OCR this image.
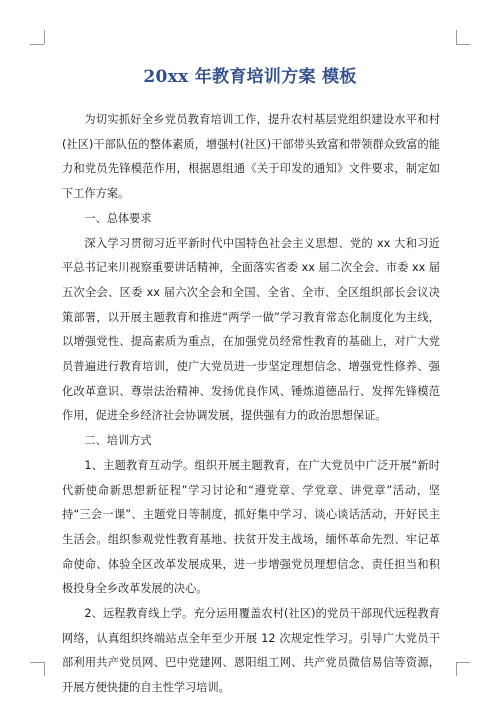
20xx 年教育培训方案 模板

为切实抓好全乡党员教育培训工作，提升农村基层党组织建设水平和村(社区)干部队伍的整体素质，增强村(社区)干部带头致富和带领群众致富的能力和党员先锋模范作用，根据恩组通《关于印发的通知》文件要求，制定如下工作方案。

一、总体要求

深入学习贯彻习近平新时代中国特色社会主义思想、党的 xx 大和习近平总书记来川视察重要讲话精神，全面落实省委 xx 届二次全会、市委 xx 届五次全会、区委 xx 届六次全会和全国、全省、全市、全区组织部长会议决策部署，以开展主题教育和推进“两学一做”学习教育常态化制度化为主线，以增强党性、提高素质为重点，在加强党员经常性教育的基础上，对广大党员普遍进行教育培训，使广大党员进一步坚定理想信念、增强党性修养、强化改革意识、尊崇法治精神、发扬优良作风、锤炼道德品行、发挥先锋模范作用，促进全乡经济社会协调发展，提供强有力的政治思想保证。

二、培训方式

1、主题教育互动学。组织开展主题教育，在广大党员中广泛开展“新时代新使命新思想新征程”学习讨论和“遵党章、学党章、讲党章”活动，坚持“三会一课”、主题党日等制度，抓好集中学习、谈心谈话活动，开好民主生活会。组织参观党性教育基地、扶贫开发主战场，缅怀革命先烈、牢记革命使命、体验全区改革发展成果，进一步增强党员理想信念、责任担当和积极投身全乡改革发展的决心。

2、远程教育线上学。充分运用覆盖农村(社区)的党员干部现代远程教育网络，认真组织终端站点全年至少开展 12 次规定性学习。引导广大党员干部利用共产党员网、巴中党建网、恩阳组工网、共产党员微信易信等资源，开展方便快捷的自主性学习培训。
